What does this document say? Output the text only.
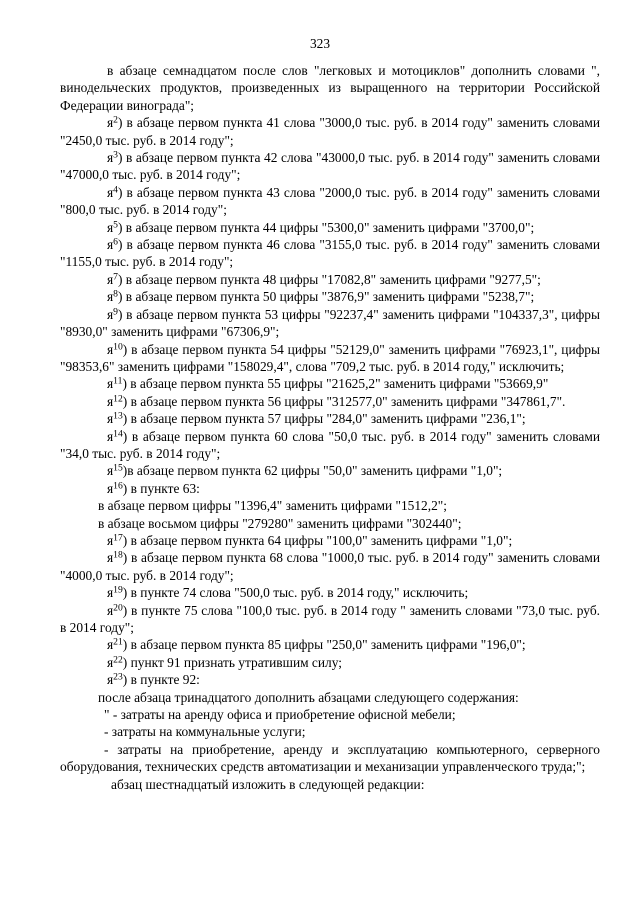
323

в абзаце семнадцатом после слов "легковых и мотоциклов" дополнить словами ", винодельческих продуктов, произведенных из выращенного на территории Российской Федерации винограда";

$я^2$) в абзаце первом пункта 41 слова "3000,0 тыс. руб. в 2014 году" заменить словами "2450,0 тыс. руб. в 2014 году";

$я^3$) в абзаце первом пункта 42 слова "43000,0 тыс. руб. в 2014 году" заменить словами "47000,0 тыс. руб. в 2014 году";

$я^4$) в абзаце первом пункта 43 слова "2000,0 тыс. руб. в 2014 году" заменить словами "800,0 тыс. руб. в 2014 году";

$я^5$) в абзаце первом пункта 44 цифры "5300,0" заменить цифрами "3700,0";

$я^6$) в абзаце первом пункта 46 слова "3155,0 тыс. руб. в 2014 году" заменить словами "1155,0 тыс. руб. в 2014 году";

$я^7$) в абзаце первом пункта 48 цифры "17082,8" заменить цифрами "9277,5";

$я^8$) в абзаце первом пункта 50 цифры "3876,9" заменить цифрами "5238,7";

$я^9$) в абзаце первом пункта 53 цифры "92237,4" заменить цифрами "104337,3", цифры "8930,0" заменить цифрами "67306,9";

$я^{10}$) в абзаце первом пункта 54 цифры "52129,0" заменить цифрами "76923,1", цифры "98353,6" заменить цифрами "158029,4", слова "709,2 тыс. руб. в 2014 году," исключить;

$я^{11}$) в абзаце первом пункта 55 цифры "21625,2" заменить цифрами "53669,9"

$я^{12}$) в абзаце первом пункта 56 цифры "312577,0" заменить цифрами "347861,7".

$я^{13}$) в абзаце первом пункта 57 цифры "284,0" заменить цифрами "236,1";

$я^{14}$) в абзаце первом пункта 60 слова "50,0 тыс. руб. в 2014 году" заменить словами "34,0 тыс. руб. в 2014 году";

$я^{15})в$ абзаце первом пункта 62 цифры "50,0" заменить цифрами "1,0";

$я^{16}$) в пункте 63:

в абзаце первом цифры "1396,4" заменить цифрами "1512,2";

в абзаце восьмом цифры "279280" заменить цифрами "302440";

$я^{17}$) в абзаце первом пункта 64 цифры "100,0" заменить цифрами "1,0";

$я^{18}$) в абзаце первом пункта 68 слова "1000,0 тыс. руб. в 2014 году" заменить словами "4000,0 тыс. руб. в 2014 году";

$я^{19}$) в пункте 74 слова "500,0 тыс. руб. в 2014 году," исключить;

$я^{20}$) в пункте 75 слова "100,0 тыс. руб. в 2014 году " заменить словами "73,0 тыс. руб. в 2014 году";

$я^{21}$) в абзаце первом пункта 85 цифры "250,0" заменить цифрами "196,0";

$я^{22}$) пункт 91 признать утратившим силу;

$я^{23}$) в пункте 92:

после абзаца тринадцатого дополнить абзацами следующего содержания:

" - затраты на аренду офиса и приобретение офисной мебели;

- затраты на коммунальные услуги;

- затраты на приобретение, аренду и эксплуатацию компьютерного, серверного оборудования, технических средств автоматизации и механизации управленческого труда;";

абзац шестнадцатый изложить в следующей редакции:
